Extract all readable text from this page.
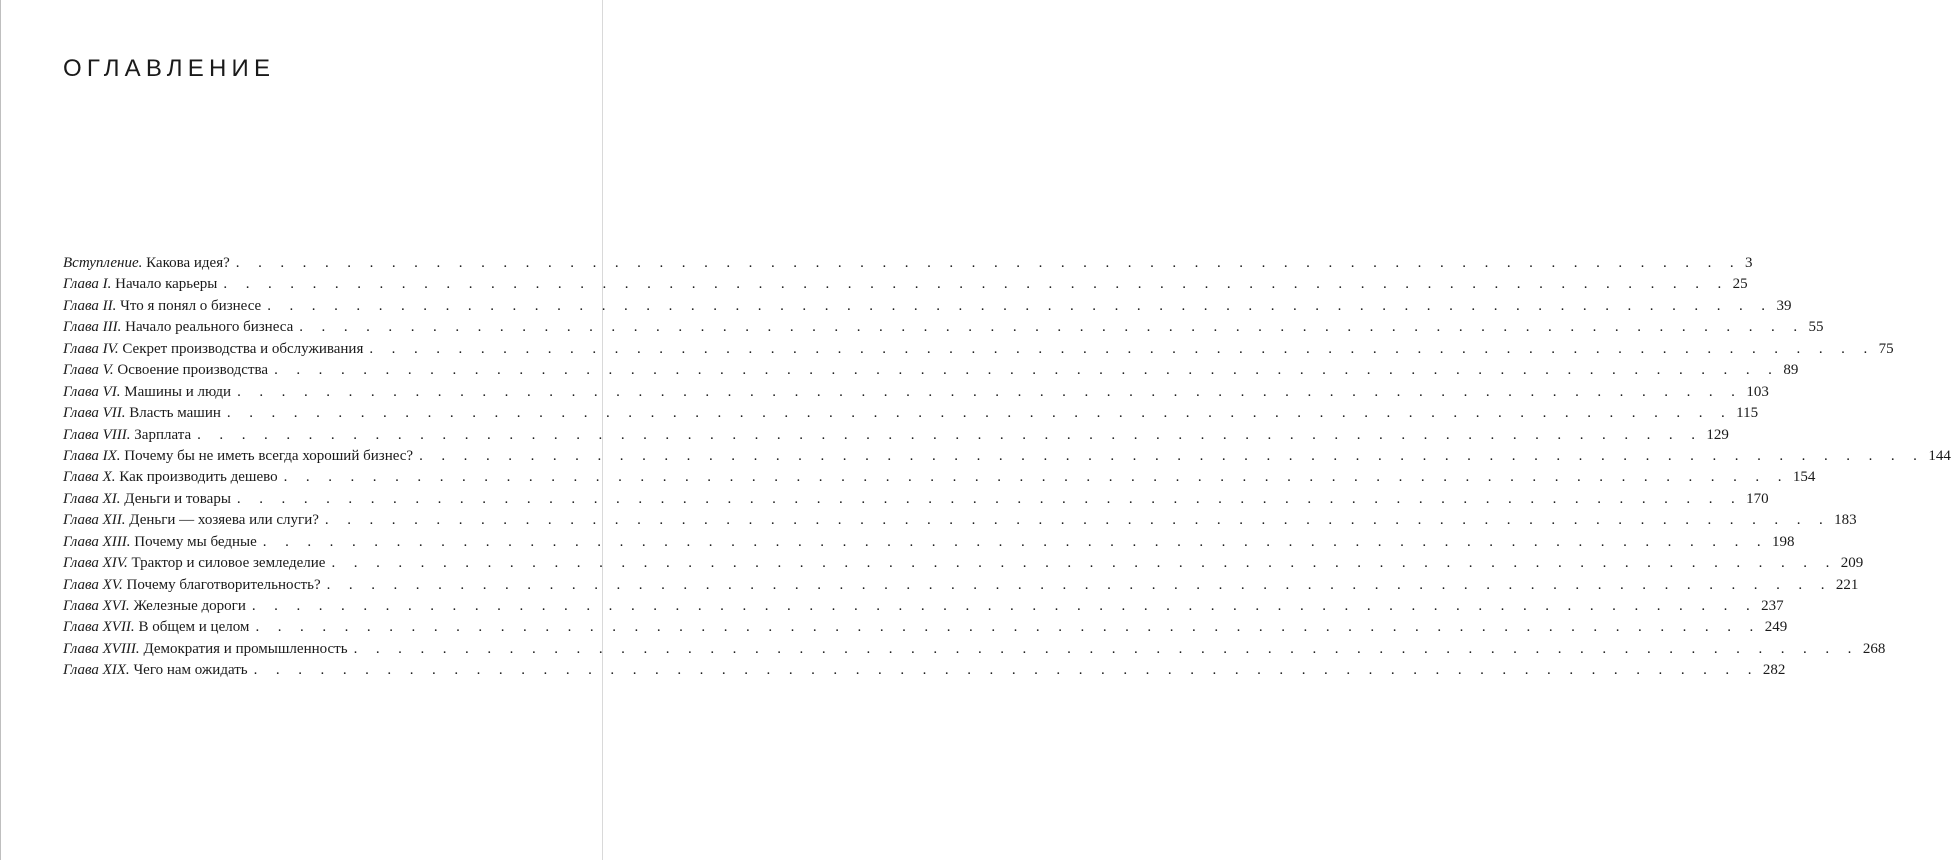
ОГЛАВЛЕНИЕ
Вступление. Какова идея? . . . . . . . . . . . . . . . . . . . . . . . . . . . . . . . . . . . . . . . . . . . . . . . . . . . . . . . . . . . . . . . . . . . . 3
Глава I. Начало карьеры . . . . . . . . . . . . . . . . . . . . . . . . . . . . . . . . . . . . . . . . . . . . . . . . . . . . . . . . . . . . . . . . . . . . 25
Глава II. Что я понял о бизнесе . . . . . . . . . . . . . . . . . . . . . . . . . . . . . . . . . . . . . . . . . . . . . . . . . . . . . . . . . . . . . . . . . . . . 39
Глава III. Начало реального бизнеса . . . . . . . . . . . . . . . . . . . . . . . . . . . . . . . . . . . . . . . . . . . . . . . . . . . . . . . . . . . . . . . . . . . . 55
Глава IV. Секрет производства и обслуживания . . . . . . . . . . . . . . . . . . . . . . . . . . . . . . . . . . . . . . . . . . . . . . . . . . . . . . . . . . . . . . . . . . . . 75
Глава V. Освоение производства . . . . . . . . . . . . . . . . . . . . . . . . . . . . . . . . . . . . . . . . . . . . . . . . . . . . . . . . . . . . . . . . . . . . 89
Глава VI. Машины и люди . . . . . . . . . . . . . . . . . . . . . . . . . . . . . . . . . . . . . . . . . . . . . . . . . . . . . . . . . . . . . . . . . . . . 103
Глава VII. Власть машин . . . . . . . . . . . . . . . . . . . . . . . . . . . . . . . . . . . . . . . . . . . . . . . . . . . . . . . . . . . . . . . . . . . . 115
Глава VIII. Зарплата . . . . . . . . . . . . . . . . . . . . . . . . . . . . . . . . . . . . . . . . . . . . . . . . . . . . . . . . . . . . . . . . . . . . 129
Глава IX. Почему бы не иметь всегда хороший бизнес? . . . . . . . . . . . . . . . . . . . . . . . . . . . . . . . . . . . . . . . . . . . . . . . . . . . . . . . . . . . . . . . . . . . . 144
Глава X. Как производить дешево . . . . . . . . . . . . . . . . . . . . . . . . . . . . . . . . . . . . . . . . . . . . . . . . . . . . . . . . . . . . . . . . . . . . 154
Глава XI. Деньги и товары . . . . . . . . . . . . . . . . . . . . . . . . . . . . . . . . . . . . . . . . . . . . . . . . . . . . . . . . . . . . . . . . . . . . 170
Глава XII. Деньги — хозяева или слуги? . . . . . . . . . . . . . . . . . . . . . . . . . . . . . . . . . . . . . . . . . . . . . . . . . . . . . . . . . . . . . . . . . . . . 183
Глава XIII. Почему мы бедные . . . . . . . . . . . . . . . . . . . . . . . . . . . . . . . . . . . . . . . . . . . . . . . . . . . . . . . . . . . . . . . . . . . . 198
Глава XIV. Трактор и силовое земледелие . . . . . . . . . . . . . . . . . . . . . . . . . . . . . . . . . . . . . . . . . . . . . . . . . . . . . . . . . . . . . . . . . . . . 209
Глава XV. Почему благотворительность? . . . . . . . . . . . . . . . . . . . . . . . . . . . . . . . . . . . . . . . . . . . . . . . . . . . . . . . . . . . . . . . . . . . . 221
Глава XVI. Железные дороги . . . . . . . . . . . . . . . . . . . . . . . . . . . . . . . . . . . . . . . . . . . . . . . . . . . . . . . . . . . . . . . . . . . . 237
Глава XVII. В общем и целом . . . . . . . . . . . . . . . . . . . . . . . . . . . . . . . . . . . . . . . . . . . . . . . . . . . . . . . . . . . . . . . . . . . . 249
Глава XVIII. Демократия и промышленность . . . . . . . . . . . . . . . . . . . . . . . . . . . . . . . . . . . . . . . . . . . . . . . . . . . . . . . . . . . . . . . . . . . . 268
Глава XIX. Чего нам ожидать . . . . . . . . . . . . . . . . . . . . . . . . . . . . . . . . . . . . . . . . . . . . . . . . . . . . . . . . . . . . . . . . . . . . 282
